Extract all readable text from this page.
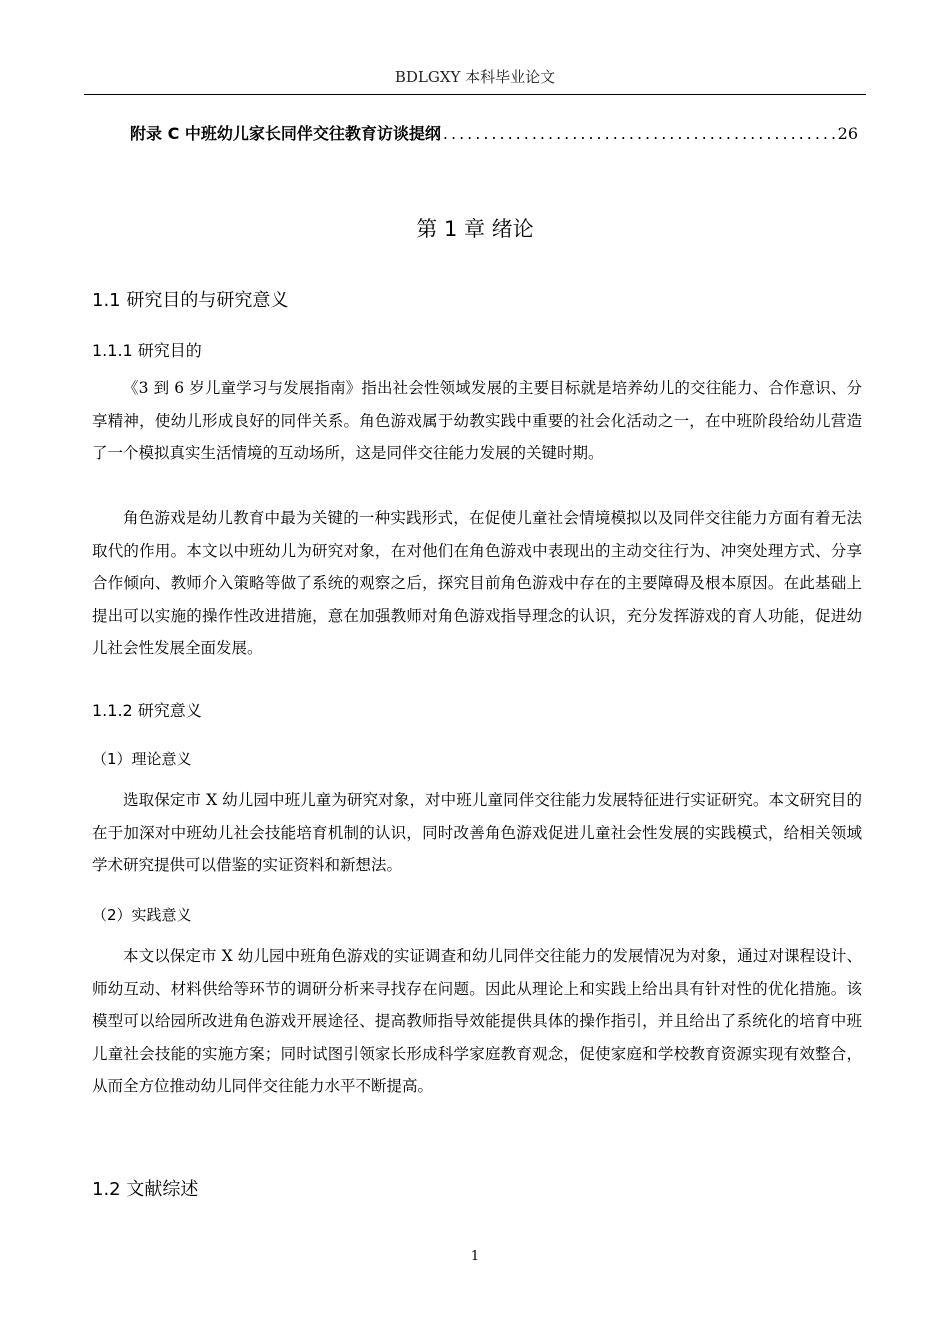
BDLGXY 本科毕业论文
附录 C 中班幼儿家长同伴交往教育访谈提纲
.....	26
第 1 章 绪论
1.1 研究目的与研究意义
1.1.1 研究目的

《3 到 6 岁儿童学习与发展指南》指出社会性领域发展的主要目标就是培养幼儿的交往能力、合作意识、分享精神，使幼儿形成良好的同伴关系。角色游戏属于幼教实践中重要的社会化活动之一，在中班阶段给幼儿营造了一个模拟真实生活情境的互动场所，这是同伴交往能力发展的关键时期。

角色游戏是幼儿教育中最为关键的一种实践形式，在促使儿童社会情境模拟以及同伴交往能力方面有着无法取代的作用。本文以中班幼儿为研究对象，在对他们在角色游戏中表现出的主动交往行为、冲突处理方式、分享合作倾向、教师介入策略等做了系统的观察之后，探究目前角色游戏中存在的主要障碍及根本原因。在此基础上提出可以实施的操作性改进措施，意在加强教师对角色游戏指导理念的认识，充分发挥游戏的育人功能，促进幼儿社会性发展全面发展。

1.1.2 研究意义
（1）理论意义

选取保定市 X 幼儿园中班儿童为研究对象，对中班儿童同伴交往能力发展特征进行实证研究。本文研究目的在于加深对中班幼儿社会技能培育机制的认识，同时改善角色游戏促进儿童社会性发展的实践模式，给相关领域学术研究提供可以借鉴的实证资料和新想法。

（2）实践意义

本文以保定市 X 幼儿园中班角色游戏的实证调查和幼儿同伴交往能力的发展情况为对象，通过对课程设计、师幼互动、材料供给等环节的调研分析来寻找存在问题。因此从理论上和实践上给出具有针对性的优化措施。该模型可以给园所改进角色游戏开展途径、提高教师指导效能提供具体的操作指引，并且给出了系统化的培育中班儿童社会技能的实施方案；同时试图引领家长形成科学家庭教育观念，促使家庭和学校教育资源实现有效整合，从而全方位推动幼儿同伴交往能力水平不断提高。

1.2 文献综述
1
